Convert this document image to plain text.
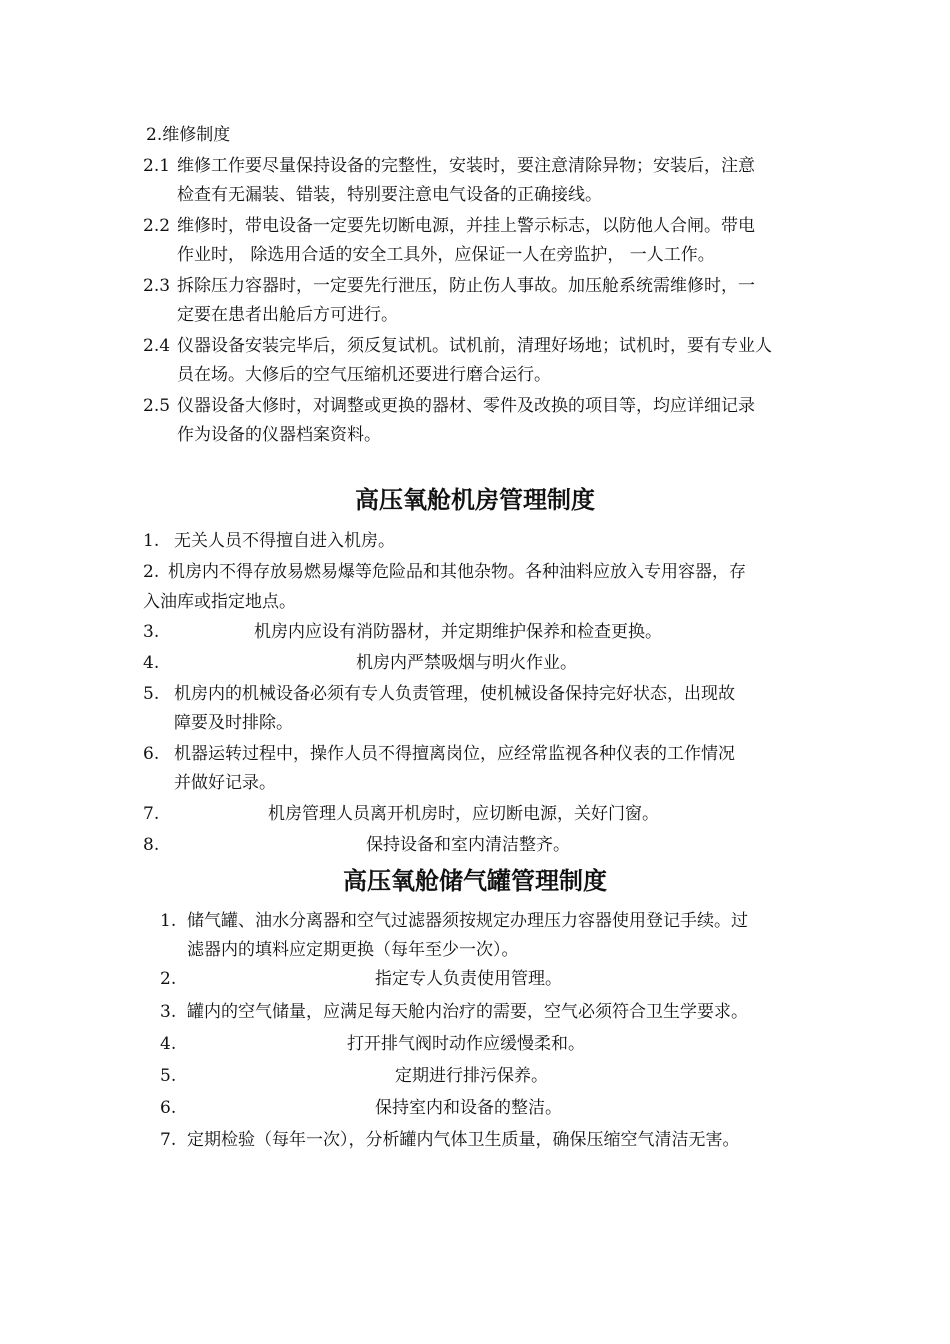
2.维修制度
2.1 维修工作要尽量保持设备的完整性，安装时，要注意清除异物；安装后，注意
检查有无漏装、错装，特别要注意电气设备的正确接线。
2.2 维修时，带电设备一定要先切断电源，并挂上警示标志，以防他人合闸。带电
作业时， 除选用合适的安全工具外，应保证一人在旁监护， 一人工作。
2.3 拆除压力容器时，一定要先行泄压，防止伤人事故。加压舱系统需维修时，一
定要在患者出舱后方可进行。
2.4 仪器设备安装完毕后，须反复试机。试机前，清理好场地；试机时，要有专业人
员在场。大修后的空气压缩机还要进行磨合运行。
2.5 仪器设备大修时，对调整或更换的器材、零件及改换的项目等，均应详细记录
作为设备的仪器档案资料。
高压氧舱机房管理制度
1. 无关人员不得擅自进入机房。
2. 机房内不得存放易燃易爆等危险品和其他杂物。各种油料应放入专用容器，存
入油库或指定地点。
3.	机房内应设有消防器材，并定期维护保养和检查更换。
4.	机房内严禁吸烟与明火作业。
5. 机房内的机械设备必须有专人负责管理，使机械设备保持完好状态，出现故
障要及时排除。
6. 机器运转过程中，操作人员不得擅离岗位，应经常监视各种仪表的工作情况
并做好记录。
7.	机房管理人员离开机房时，应切断电源，关好门窗。
8.	保持设备和室内清洁整齐。
高压氧舱储气罐管理制度
1. 储气罐、油水分离器和空气过滤器须按规定办理压力容器使用登记手续。过
滤器内的填料应定期更换（每年至少一次）。
2.	指定专人负责使用管理。
3. 罐内的空气储量，应满足每天舱内治疗的需要，空气必须符合卫生学要求。
4.	打开排气阀时动作应缓慢柔和。
5.	定期进行排污保养。
6.	保持室内和设备的整洁。
7. 定期检验（每年一次），分析罐内气体卫生质量，确保压缩空气清洁无害。
